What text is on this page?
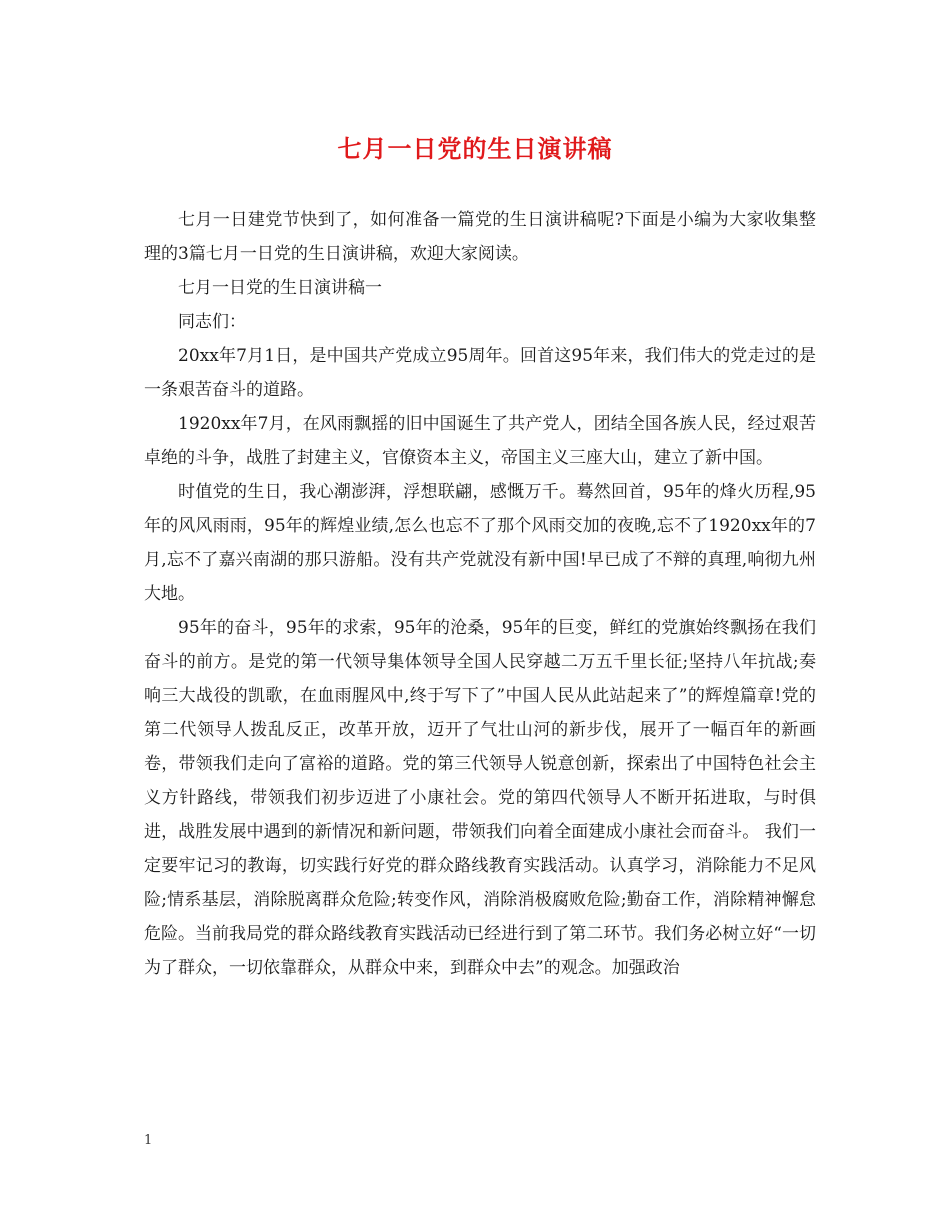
七月一日党的生日演讲稿

七月一日建党节快到了，如何准备一篇党的生日演讲稿呢?下面是小编为大家收集整理的3篇七月一日党的生日演讲稿，欢迎大家阅读。

七月一日党的生日演讲稿一

同志们：

20xx年7月1日，是中国共产党成立95周年。回首这95年来，我们伟大的党走过的是一条艰苦奋斗的道路。

1920xx年7月，在风雨飘摇的旧中国诞生了共产党人，团结全国各族人民，经过艰苦卓绝的斗争，战胜了封建主义，官僚资本主义，帝国主义三座大山，建立了新中国。

时值党的生日，我心潮澎湃，浮想联翩，感慨万千。蓦然回首，95年的烽火历程,95年的风风雨雨，95年的辉煌业绩,怎么也忘不了那个风雨交加的夜晚,忘不了1920xx年的7月,忘不了嘉兴南湖的那只游船。没有共产党就没有新中国!早已成了不辩的真理,响彻九州大地。

95年的奋斗，95年的求索，95年的沧桑，95年的巨变，鲜红的党旗始终飘扬在我们奋斗的前方。是党的第一代领导集体领导全国人民穿越二万五千里长征;坚持八年抗战;奏响三大战役的凯歌，在血雨腥风中,终于写下了”中国人民从此站起来了”的辉煌篇章!党的第二代领导人拨乱反正，改革开放，迈开了气壮山河的新步伐，展开了一幅百年的新画卷，带领我们走向了富裕的道路。党的第三代领导人锐意创新，探索出了中国特色社会主义方针路线，带领我们初步迈进了小康社会。党的第四代领导人不断开拓进取，与时俱进，战胜发展中遇到的新情况和新问题，带领我们向着全面建成小康社会而奋斗。 我们一定要牢记习的教诲，切实践行好党的群众路线教育实践活动。认真学习，消除能力不足风险;情系基层，消除脱离群众危险;转变作风，消除消极腐败危险;勤奋工作，消除精神懈怠危险。当前我局党的群众路线教育实践活动已经进行到了第二环节。我们务必树立好“一切为了群众，一切依靠群众，从群众中来，到群众中去”的观念。加强政治

1
